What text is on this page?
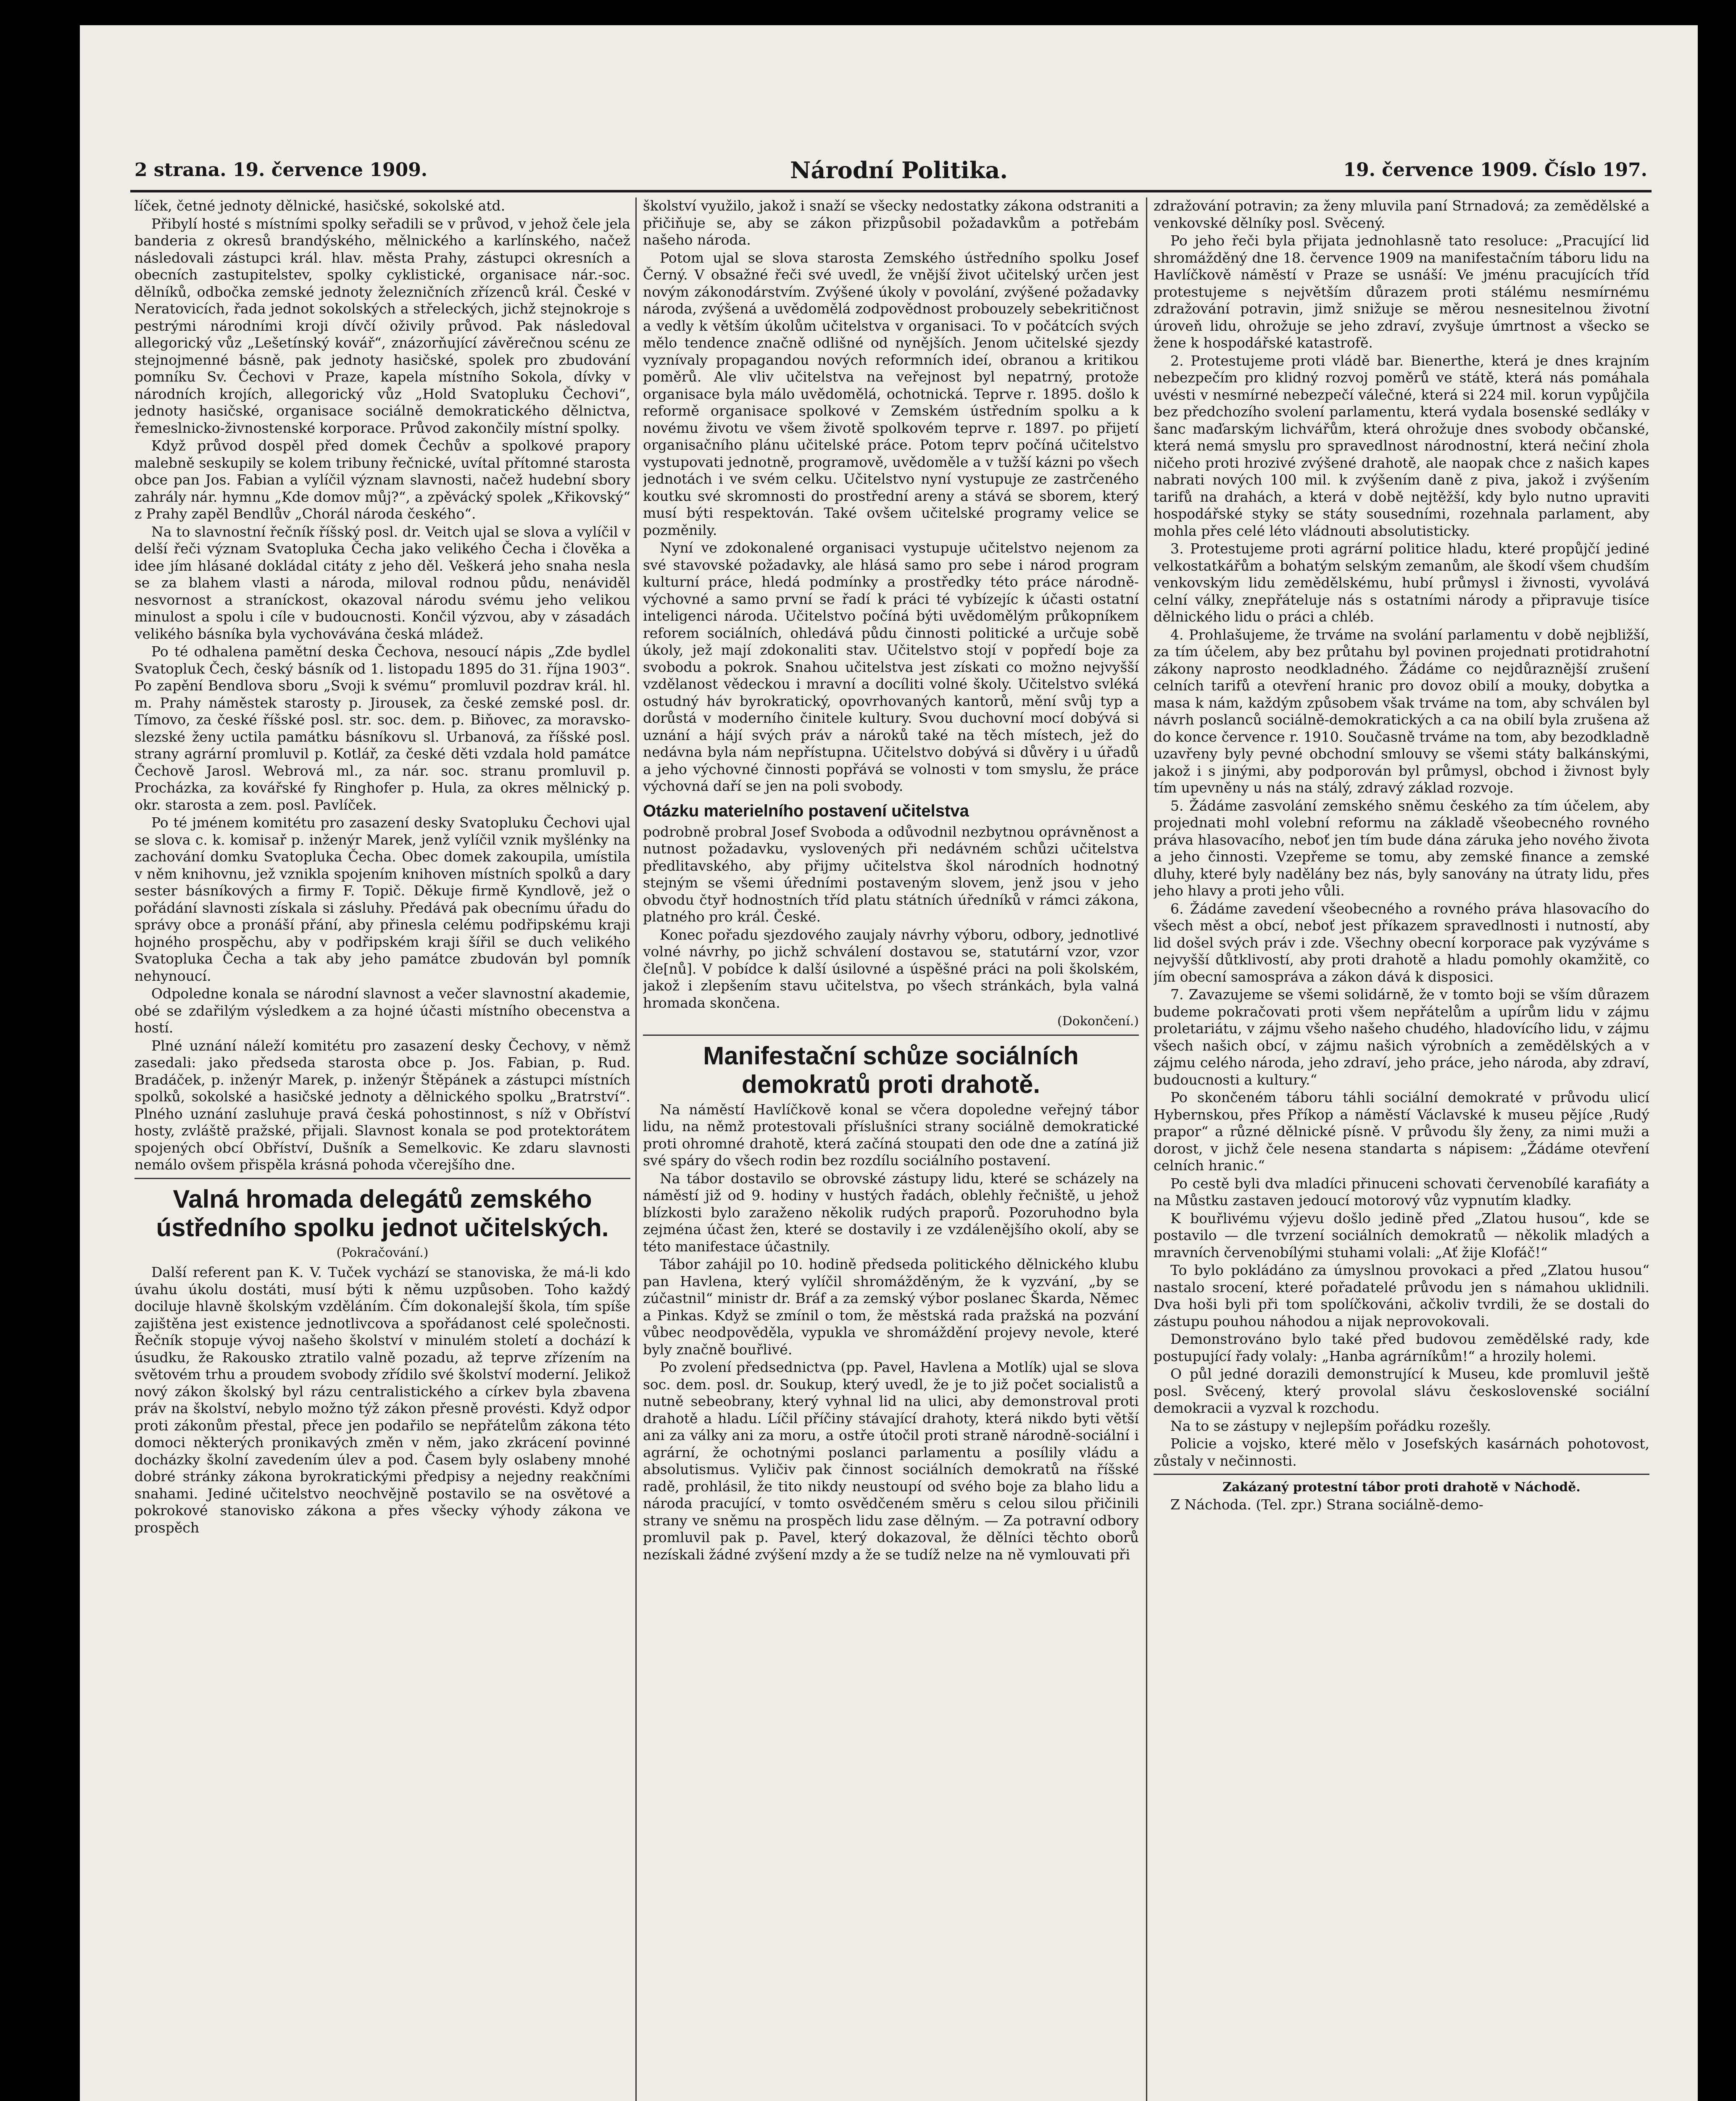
2 strana. 19. července 1909.	Národní Politika.	19. července 1909. Číslo 197.

líček, četné jednoty dělnické, hasičské, sokolské atd.

Přibylí hosté s místními spolky seřadili se v průvod, v jehož čele jela banderia z okresů brandýského, mělnického a karlínského, načež následovali zástupci král. hlav. města Prahy, zástupci okresních a obecních zastupitelstev, spolky cyklistické, organisace nár.-soc. dělníků, odbočka zemské jednoty železničních zřízenců král. České v Neratovicích, řada jednot sokolských a střeleckých, jichž stejnokroje s pestrými národními kroji dívčí oživily průvod. Pak následoval allegorický vůz „Lešetínský kovář“, znázorňující závěrečnou scénu ze stejnojmenné básně, pak jednoty hasičské, spolek pro zbudování pomníku Sv. Čechovi v Praze, kapela místního Sokola, dívky v národních krojích, allegorický vůz „Hold Svatopluku Čechovi“, jednoty hasičské, organisace sociálně demokratického dělnictva, řemeslnicko-živnostenské korporace. Průvod zakončily místní spolky.

Když průvod dospěl před domek Čechův a spolkové prapory malebně seskupily se kolem tribuny řečnické, uvítal přítomné starosta obce pan Jos. Fabian a vylíčil význam slavnosti, načež hudební sbory zahrály nár. hymnu „Kde domov můj?“, a zpěvácký spolek „Křikovský“ z Prahy zapěl Bendlův „Chorál národa českého“.

Na to slavnostní řečník říšský posl. dr. Veitch ujal se slova a vylíčil v delší řeči význam Svatopluka Čecha jako velikého Čecha i člověka a idee jím hlásané dokládal citáty z jeho děl. Veškerá jeho snaha nesla se za blahem vlasti a národa, miloval rodnou půdu, nenáviděl nesvornost a straníckost, okazoval národu svému jeho velikou minulost a spolu i cíle v budoucnosti. Končil výzvou, aby v zásadách velikého básníka byla vychovávána česká mládež.

Po té odhalena pamětní deska Čechova, nesoucí nápis „Zde bydlel Svatopluk Čech, český básník od 1. listopadu 1895 do 31. října 1903“. Po zapění Bendlova sboru „Svoji k svému“ promluvil pozdrav král. hl. m. Prahy náměstek starosty p. Jirousek, za české zemské posl. dr. Tímovo, za české říšské posl. str. soc. dem. p. Biňovec, za moravsko-slezské ženy uctila památku básníkovu sl. Urbanová, za říšské posl. strany agrární promluvil p. Kotlář, za české děti vzdala hold památce Čechově Jarosl. Webrová ml., za nár. soc. stranu promluvil p. Procházka, za kovářské fy Ringhofer p. Hula, za okres mělnický p. okr. starosta a zem. posl. Pavlíček.

Po té jménem komitétu pro zasazení desky Svatopluku Čechovi ujal se slova c. k. komisař p. inženýr Marek, jenž vylíčil vznik myšlénky na zachování domku Svatopluka Čecha. Obec domek zakoupila, umístila v něm knihovnu, jež vznikla spojením knihoven místních spolků a dary sester básníkových a firmy F. Topič. Děkuje firmě Kyndlově, jež o pořádání slavnosti získala si zásluhy. Předává pak obecnímu úřadu do správy obce a pronáší přání, aby přinesla celému podřipskému kraji hojného prospěchu, aby v podřipském kraji šířil se duch velikého Svatopluka Čecha a tak aby jeho památce zbudován byl pomník nehynoucí.

Odpoledne konala se národní slavnost a večer slavnostní akademie, obé se zdařilým výsledkem a za hojné účasti místního obecenstva a hostí.

Plné uznání náleží komitétu pro zasazení desky Čechovy, v němž zasedali: jako předseda starosta obce p. Jos. Fabian, p. Rud. Bradáček, p. inženýr Marek, p. inženýr Štěpánek a zástupci místních spolků, sokolské a hasičské jednoty a dělnického spolku „Bratrství“. Plného uznání zasluhuje pravá česká pohostinnost, s níž v Obříství hosty, zvláště pražské, přijali. Slavnost konala se pod protektorátem spojených obcí Obříství, Dušník a Semelkovic. Ke zdaru slavnosti nemálo ovšem přispěla krásná pohoda včerejšího dne.

Valná hromada delegátů zemského ústředního spolku jednot učitelských.
(Pokračování.)

Další referent pan K. V. Tuček vychází se stanoviska, že má-li kdo úvahu úkolu dostáti, musí býti k němu uzpůsoben. Toho každý dociluje hlavně školským vzděláním. Čím dokonalejší škola, tím spíše zajištěna jest existence jednotlivcova a spořádanost celé společnosti. Řečník stopuje vývoj našeho školství v minulém století a dochází k úsudku, že Rakousko ztratilo valně pozadu, až teprve zřízením na světovém trhu a proudem svobody zřídilo své školství moderní. Jelikož nový zákon školský byl rázu centralistického a církev byla zbavena práv na školství, nebylo možno týž zákon přesně provésti. Když odpor proti zákonům přestal, přece jen podařilo se nepřátelům zákona této domoci některých pronikavých změn v něm, jako zkrácení povinné docházky školní zavedením úlev a pod. Časem byly oslabeny mnohé dobré stránky zákona byrokratickými předpisy a nejedny reakčními snahami. Jediné učitelstvo neochvějně postavilo se na osvětové a pokrokové stanovisko zákona a přes všecky výhody zákona ve prospěch

školství využilo, jakož i snaží se všecky nedostatky zákona odstraniti a přičiňuje se, aby se zákon přizpůsobil požadavkům a potřebám našeho národa.

Potom ujal se slova starosta Zemského ústředního spolku Josef Černý. V obsažné řeči své uvedl, že vnější život učitelský určen jest novým zákonodárstvím. Zvýšené úkoly v povolání, zvýšené požadavky národa, zvýšená a uvědomělá zodpovědnost probouzely sebekritičnost a vedly k větším úkolům učitelstva v organisaci. To v počátcích svých mělo tendence značně odlišné od nynějších. Jenom učitelské sjezdy vyznívaly propagandou nových reformních ideí, obranou a kritikou poměrů. Ale vliv učitelstva na veřejnost byl nepatrný, protože organisace byla málo uvědomělá, ochotnická. Teprve r. 1895. došlo k reformě organisace spolkové v Zemském ústředním spolku a k novému životu ve všem životě spolkovém teprve r. 1897. po přijetí organisačního plánu učitelské práce. Potom teprv počíná učitelstvo vystupovati jednotně, programově, uvědoměle a v tužší kázni po všech jednotách i ve svém celku. Učitelstvo nyní vystupuje ze zastrčeného koutku své skromnosti do prostřední areny a stává se sborem, který musí býti respektován. Také ovšem učitelské programy velice se pozměnily.

Nyní ve zdokonalené organisaci vystupuje učitelstvo nejenom za své stavovské požadavky, ale hlásá samo pro sebe i národ program kulturní práce, hledá podmínky a prostředky této práce národně-výchovné a samo první se řadí k práci té vybízejíc k účasti ostatní inteligenci národa. Učitelstvo počíná býti uvědomělým průkopníkem reforem sociálních, ohledává půdu činnosti politické a určuje sobě úkoly, jež mají zdokonaliti stav. Učitelstvo stojí v popředí boje za svobodu a pokrok. Snahou učitelstva jest získati co možno nejvyšší vzdělanost vědeckou i mravní a docíliti volné školy. Učitelstvo svléká ostudný háv byrokratický, opovrhovaných kantorů, mění svůj typ a dorůstá v moderního činitele kultury. Svou duchovní mocí dobývá si uznání a hájí svých práv a nároků také na těch místech, jež do nedávna byla nám nepřístupna. Učitelstvo dobývá si důvěry i u úřadů a jeho výchovné činnosti popřává se volnosti v tom smyslu, že práce výchovná daří se jen na poli svobody.

Otázku materielního postavení učitelstva

podrobně probral Josef Svoboda a odůvodnil nezbytnou oprávněnost a nutnost požadavku, vyslovených při nedávném schůzi učitelstva předlitavského, aby přijmy učitelstva škol národních hodnotný stejným se všemi úředními postaveným slovem, jenž jsou v jeho obvodu čtyř hodnostních tříd platu státních úředníků v rámci zákona, platného pro král. České.

Konec pořadu sjezdového zaujaly návrhy výboru, odbory, jednotlivé volné návrhy, po jichž schválení dostavou se, statutární vzor, vzor čle[nů]. V pobídce k další úsilovné a úspěšné práci na poli školském, jakož i zlepšením stavu učitelstva, po všech stránkách, byla valná hromada skončena.

(Dokončení.)
Manifestační schůze sociálních demokratů proti drahotě.

Na náměstí Havlíčkově konal se včera dopoledne veřejný tábor lidu, na němž protestovali příslušníci strany sociálně demokratické proti ohromné drahotě, která začíná stoupati den ode dne a zatíná již své spáry do všech rodin bez rozdílu sociálního postavení.

Na tábor dostavilo se obrovské zástupy lidu, které se scházely na náměstí již od 9. hodiny v hustých řadách, oblehly řečniště, u jehož blízkosti bylo zaraženo několik rudých praporů. Pozoruhodno byla zejména účast žen, které se dostavily i ze vzdálenějšího okolí, aby se této manifestace účastnily.

Tábor zahájil po 10. hodině předseda politického dělnického klubu pan Havlena, který vylíčil shromážděným, že k vyzvání, „by se zúčastnil“ ministr dr. Bráf a za zemský výbor poslanec Škarda, Němec a Pinkas. Když se zmínil o tom, že městská rada pražská na pozvání vůbec neodpověděla, vypukla ve shromáždění projevy nevole, které byly značně bouřlivé.

Po zvolení předsednictva (pp. Pavel, Havlena a Motlík) ujal se slova soc. dem. posl. dr. Soukup, který uvedl, že je to již počet socialistů a nutně sebeobrany, který vyhnal lid na ulici, aby demonstroval proti drahotě a hladu. Líčil příčiny stávající drahoty, která nikdo byti větší ani za války ani za moru, a ostře útočil proti straně národně-sociální i agrární, že ochotnými poslanci parlamentu a posílily vládu a absolutismus. Vyličiv pak činnost sociálních demokratů na říšské radě, prohlásil, že tito nikdy neustoupí od svého boje za blaho lidu a národa pracující, v tomto osvědčeném směru s celou silou přičinili strany ve sněmu na prospěch lidu zase dělným. — Za potravní odbory promluvil pak p. Pavel, který dokazoval, že dělníci těchto oborů nezískali žádné zvýšení mzdy a že se tudíž nelze na ně vymlouvati při

zdražování potravin; za ženy mluvila paní Strnadová; za zemědělské a venkovské dělníky posl. Svěcený.

Po jeho řeči byla přijata jednohlasně tato resoluce: „Pracující lid shromážděný dne 18. července 1909 na manifestačním táboru lidu na Havlíčkově náměstí v Praze se usnáší: Ve jménu pracujících tříd protestujeme s největším důrazem proti stálému nesmírnému zdražování potravin, jimž snižuje se měrou nesnesitelnou životní úroveň lidu, ohrožuje se jeho zdraví, zvyšuje úmrtnost a všecko se žene k hospodářské katastrofě.

2. Protestujeme proti vládě bar. Bienerthe, která je dnes krajním nebezpečím pro klidný rozvoj poměrů ve státě, která nás pomáhala uvésti v nesmírné nebezpečí válečné, která si 224 mil. korun vypůjčila bez předchozího svolení parlamentu, která vydala bosenské sedláky v šanc maďarským lichvářům, která ohrožuje dnes svobody občanské, která nemá smyslu pro spravedlnost národnostní, která nečiní zhola ničeho proti hrozivé zvýšené drahotě, ale naopak chce z našich kapes nabrati nových 100 mil. k zvýšením daně z piva, jakož i zvýšením tarifů na drahách, a která v době nejtěžší, kdy bylo nutno upraviti hospodářské styky se státy sousedními, rozehnala parlament, aby mohla přes celé léto vládnouti absolutisticky.

3. Protestujeme proti agrární politice hladu, které propůjčí jediné velkostatkářům a bohatým selským zemanům, ale škodí všem chudším venkovským lidu zemědělskému, hubí průmysl i živnosti, vyvolává celní války, znepřáteluje nás s ostatními národy a připravuje tisíce dělnického lidu o práci a chléb.

4. Prohlašujeme, že trváme na svolání parlamentu v době nejbližší, za tím účelem, aby bez průtahu byl povinen projednati protidrahotní zákony naprosto neodkladného. Žádáme co nejdůraznější zrušení celních tarifů a otevření hranic pro dovoz obilí a mouky, dobytka a masa k nám, každým způsobem však trváme na tom, aby schválen byl návrh poslanců sociálně-demokratických a ca na obilí byla zrušena až do konce července r. 1910. Současně trváme na tom, aby bezodkladně uzavřeny byly pevné obchodní smlouvy se všemi státy balkánskými, jakož i s jinými, aby podporován byl průmysl, obchod i živnost byly tím upevněny u nás na stálý, zdravý základ rozvoje.

5. Žádáme zasvolání zemského sněmu českého za tím účelem, aby projednati mohl volební reformu na základě všeobecného rovného práva hlasovacího, neboť jen tím bude dána záruka jeho nového života a jeho činnosti. Vzepřeme se tomu, aby zemské finance a zemské dluhy, které byly nadělány bez nás, byly sanovány na útraty lidu, přes jeho hlavy a proti jeho vůli.

6. Žádáme zavedení všeobecného a rovného práva hlasovacího do všech měst a obcí, neboť jest příkazem spravedlnosti i nutností, aby lid došel svých práv i zde. Všechny obecní korporace pak vyzýváme s nejvyšší důtklivostí, aby proti drahotě a hladu pomohly okamžitě, co jím obecní samospráva a zákon dává k disposici.

7. Zavazujeme se všemi solidárně, že v tomto boji se vším důrazem budeme pokračovati proti všem nepřátelům a upírům lidu v zájmu proletariátu, v zájmu všeho našeho chudého, hladovícího lidu, v zájmu všech našich obcí, v zájmu našich výrobních a zemědělských a v zájmu celého národa, jeho zdraví, jeho práce, jeho národa, aby zdraví, budoucnosti a kultury.“

Po skončeném táboru táhli sociální demokraté v průvodu ulicí Hybernskou, přes Příkop a náměstí Václavské k museu pějíce ,Rudý prapor“ a různé dělnické písně. V průvodu šly ženy, za nimi muži a dorost, v jichž čele nesena standarta s nápisem: „Žádáme otevření celních hranic.“

Po cestě byli dva mladíci přinuceni schovati červenobílé karafiáty a na Můstku zastaven jedoucí motorový vůz vypnutím kladky.

K bouřlivému výjevu došlo jedině před „Zlatou husou“, kde se postavilo — dle tvrzení sociálních demokratů — několik mladých a mravních červenobílými stuhami volali: „Ať žije Klofáč!“

To bylo pokládáno za úmyslnou provokaci a před „Zlatou husou“ nastalo srocení, které pořadatelé průvodu jen s námahou uklidnili. Dva hoši byli při tom spolíčkováni, ačkoliv tvrdili, že se dostali do zástupu pouhou náhodou a nijak neprovokovali.

Demonstrováno bylo také před budovou zemědělské rady, kde postupující řady volaly: „Hanba agrárníkům!“ a hrozily holemi.

O půl jedné dorazili demonstrující k Museu, kde promluvil ještě posl. Svěcený, který provolal slávu československé sociální demokracii a vyzval k rozchodu.

Na to se zástupy v nejlepším pořádku rozešly.

Policie a vojsko, které mělo v Josefských kasárnách pohotovost, zůstaly v nečinnosti.

Zakázaný protestní tábor proti drahotě v Náchodě.

Z Náchoda. (Tel. zpr.) Strana sociálně-demo-
